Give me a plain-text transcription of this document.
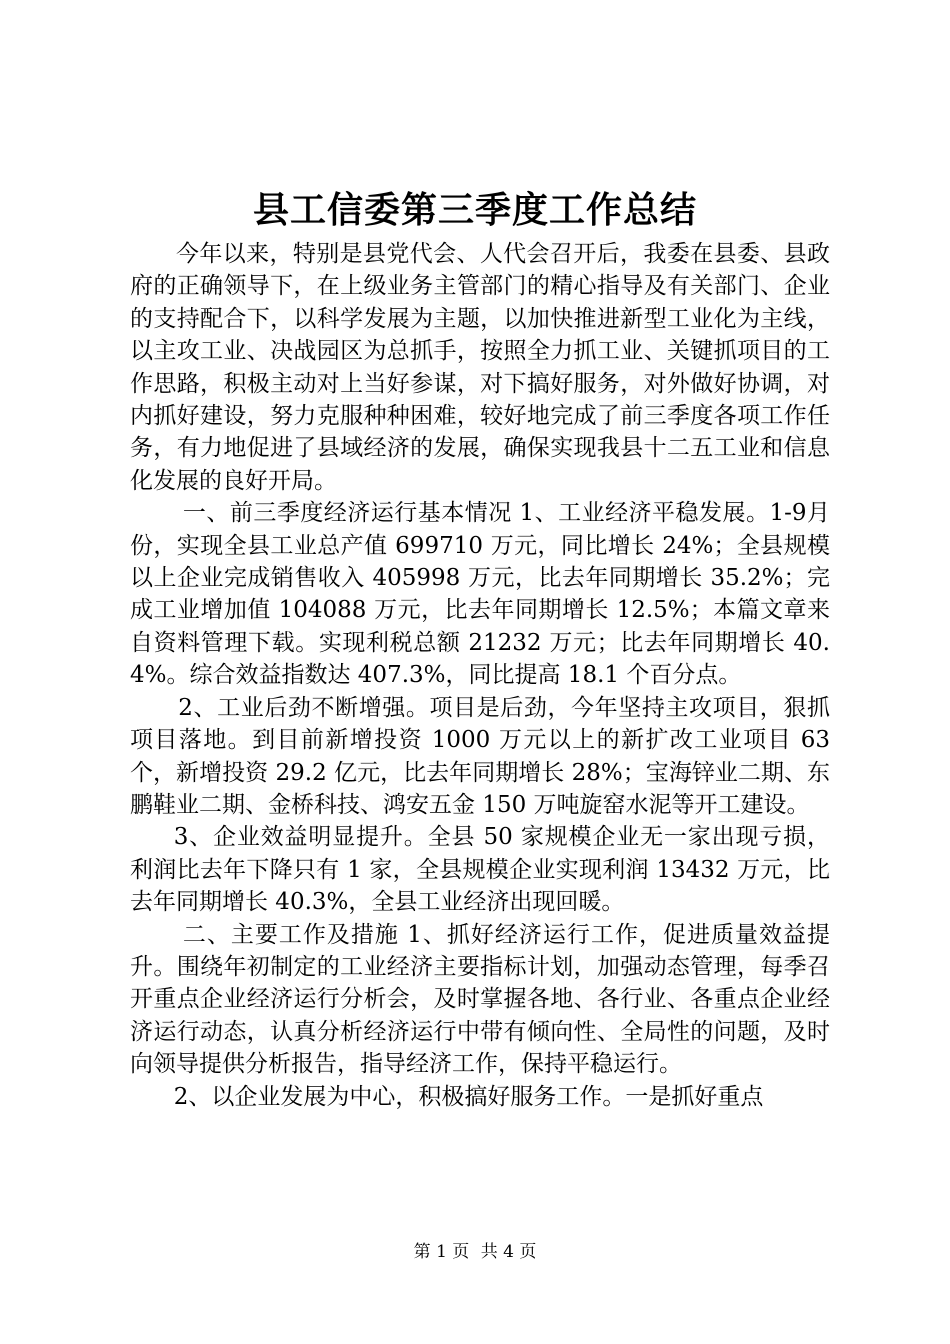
县工信委第三季度工作总结

今年以来，特别是县党代会、人代会召开后，我委在县委、县政府的正确领导下，在上级业务主管部门的精心指导及有关部门、企业的支持配合下，以科学发展为主题，以加快推进新型工业化为主线，以主攻工业、决战园区为总抓手，按照全力抓工业、关键抓项目的工作思路，积极主动对上当好参谋，对下搞好服务，对外做好协调，对内抓好建设，努力克服种种困难，较好地完成了前三季度各项工作任务，有力地促进了县域经济的发展，确保实现我县十二五工业和信息化发展的良好开局。

一、前三季度经济运行基本情况 1、工业经济平稳发展。1-9月份，实现全县工业总产值 699710 万元，同比增长 24%；全县规模以上企业完成销售收入 405998 万元，比去年同期增长 35.2%；完成工业增加值 104088 万元，比去年同期增长 12.5%；本篇文章来自资料管理下载。实现利税总额 21232 万元；比去年同期增长 40.4%。综合效益指数达 407.3%，同比提高 18.1 个百分点。

2、工业后劲不断增强。项目是后劲，今年坚持主攻项目，狠抓项目落地。到目前新增投资 1000 万元以上的新扩改工业项目 63 个，新增投资 29.2 亿元，比去年同期增长 28%；宝海锌业二期、东鹏鞋业二期、金桥科技、鸿安五金 150 万吨旋窑水泥等开工建设。

3、企业效益明显提升。全县 50 家规模企业无一家出现亏损，利润比去年下降只有 1 家，全县规模企业实现利润 13432 万元，比去年同期增长 40.3%，全县工业经济出现回暖。

二、主要工作及措施 1、抓好经济运行工作，促进质量效益提升。围绕年初制定的工业经济主要指标计划，加强动态管理，每季召开重点企业经济运行分析会，及时掌握各地、各行业、各重点企业经济运行动态，认真分析经济运行中带有倾向性、全局性的问题，及时向领导提供分析报告，指导经济工作，保持平稳运行。

2、以企业发展为中心，积极搞好服务工作。一是抓好重点

第 1 页 共 4 页
